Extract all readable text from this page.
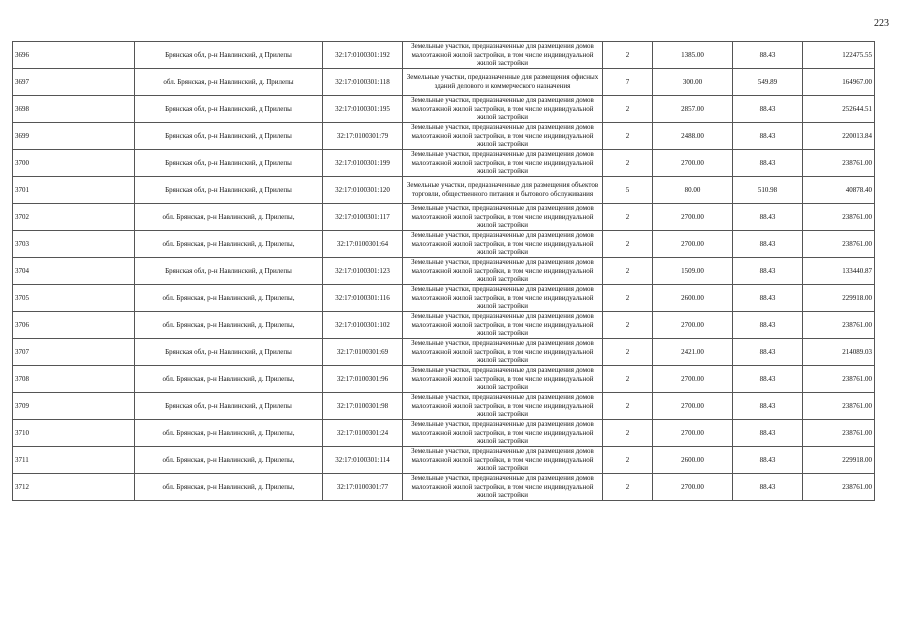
223
3696	Брянская обл, р-н Навлинский, д Прилепы	32:17:0100301:192	Земельные участки, предназначенные для размещения домов малоэтажной жилой застройки, в том числе индивидуальной жилой застройки	2	1385.00	88.43	122475.55
3697	обл. Брянская, р-н Навлинский, д. Прилепы	32:17:0100301:118	Земельные участки, предназначенные для размещения офисных зданий делового и коммерческого назначения	7	300.00	549.89	164967.00
3698	Брянская обл, р-н Навлинский, д Прилепы	32:17:0100301:195	Земельные участки, предназначенные для размещения домов малоэтажной жилой застройки, в том числе индивидуальной жилой застройки	2	2857.00	88.43	252644.51
3699	Брянская обл, р-н Навлинский, д Прилепы	32:17:0100301:79	Земельные участки, предназначенные для размещения домов малоэтажной жилой застройки, в том числе индивидуальной жилой застройки	2	2488.00	88.43	220013.84
3700	Брянская обл, р-н Навлинский, д Прилепы	32:17:0100301:199	Земельные участки, предназначенные для размещения домов малоэтажной жилой застройки, в том числе индивидуальной жилой застройки	2	2700.00	88.43	238761.00
3701	Брянская обл, р-н Навлинский, д Прилепы	32:17:0100301:120	Земельные участки, предназначенные для размещения объектов торговли, общественного питания и бытового обслуживания	5	80.00	510.98	40878.40
3702	обл. Брянская, р-н Навлинский, д. Прилепы,	32:17:0100301:117	Земельные участки, предназначенные для размещения домов малоэтажной жилой застройки, в том числе индивидуальной жилой застройки	2	2700.00	88.43	238761.00
3703	обл. Брянская, р-н Навлинский, д. Прилепы,	32:17:0100301:64	Земельные участки, предназначенные для размещения домов малоэтажной жилой застройки, в том числе индивидуальной жилой застройки	2	2700.00	88.43	238761.00
3704	Брянская обл, р-н Навлинский, д Прилепы	32:17:0100301:123	Земельные участки, предназначенные для размещения домов малоэтажной жилой застройки, в том числе индивидуальной жилой застройки	2	1509.00	88.43	133440.87
3705	обл. Брянская, р-н Навлинский, д. Прилепы,	32:17:0100301:116	Земельные участки, предназначенные для размещения домов малоэтажной жилой застройки, в том числе индивидуальной жилой застройки	2	2600.00	88.43	229918.00
3706	обл. Брянская, р-н Навлинский, д. Прилепы,	32:17:0100301:102	Земельные участки, предназначенные для размещения домов малоэтажной жилой застройки, в том числе индивидуальной жилой застройки	2	2700.00	88.43	238761.00
3707	Брянская обл, р-н Навлинский, д Прилепы	32:17:0100301:69	Земельные участки, предназначенные для размещения домов малоэтажной жилой застройки, в том числе индивидуальной жилой застройки	2	2421.00	88.43	214089.03
3708	обл. Брянская, р-н Навлинский, д. Прилепы,	32:17:0100301:96	Земельные участки, предназначенные для размещения домов малоэтажной жилой застройки, в том числе индивидуальной жилой застройки	2	2700.00	88.43	238761.00
3709	Брянская обл, р-н Навлинский, д Прилепы	32:17:0100301:98	Земельные участки, предназначенные для размещения домов малоэтажной жилой застройки, в том числе индивидуальной жилой застройки	2	2700.00	88.43	238761.00
3710	обл. Брянская, р-н Навлинский, д. Прилепы,	32:17:0100301:24	Земельные участки, предназначенные для размещения домов малоэтажной жилой застройки, в том числе индивидуальной жилой застройки	2	2700.00	88.43	238761.00
3711	обл. Брянская, р-н Навлинский, д. Прилепы,	32:17:0100301:114	Земельные участки, предназначенные для размещения домов малоэтажной жилой застройки, в том числе индивидуальной жилой застройки	2	2600.00	88.43	229918.00
3712	обл. Брянская, р-н Навлинский, д. Прилепы,	32:17:0100301:77	Земельные участки, предназначенные для размещения домов малоэтажной жилой застройки, в том числе индивидуальной жилой застройки	2	2700.00	88.43	238761.00
